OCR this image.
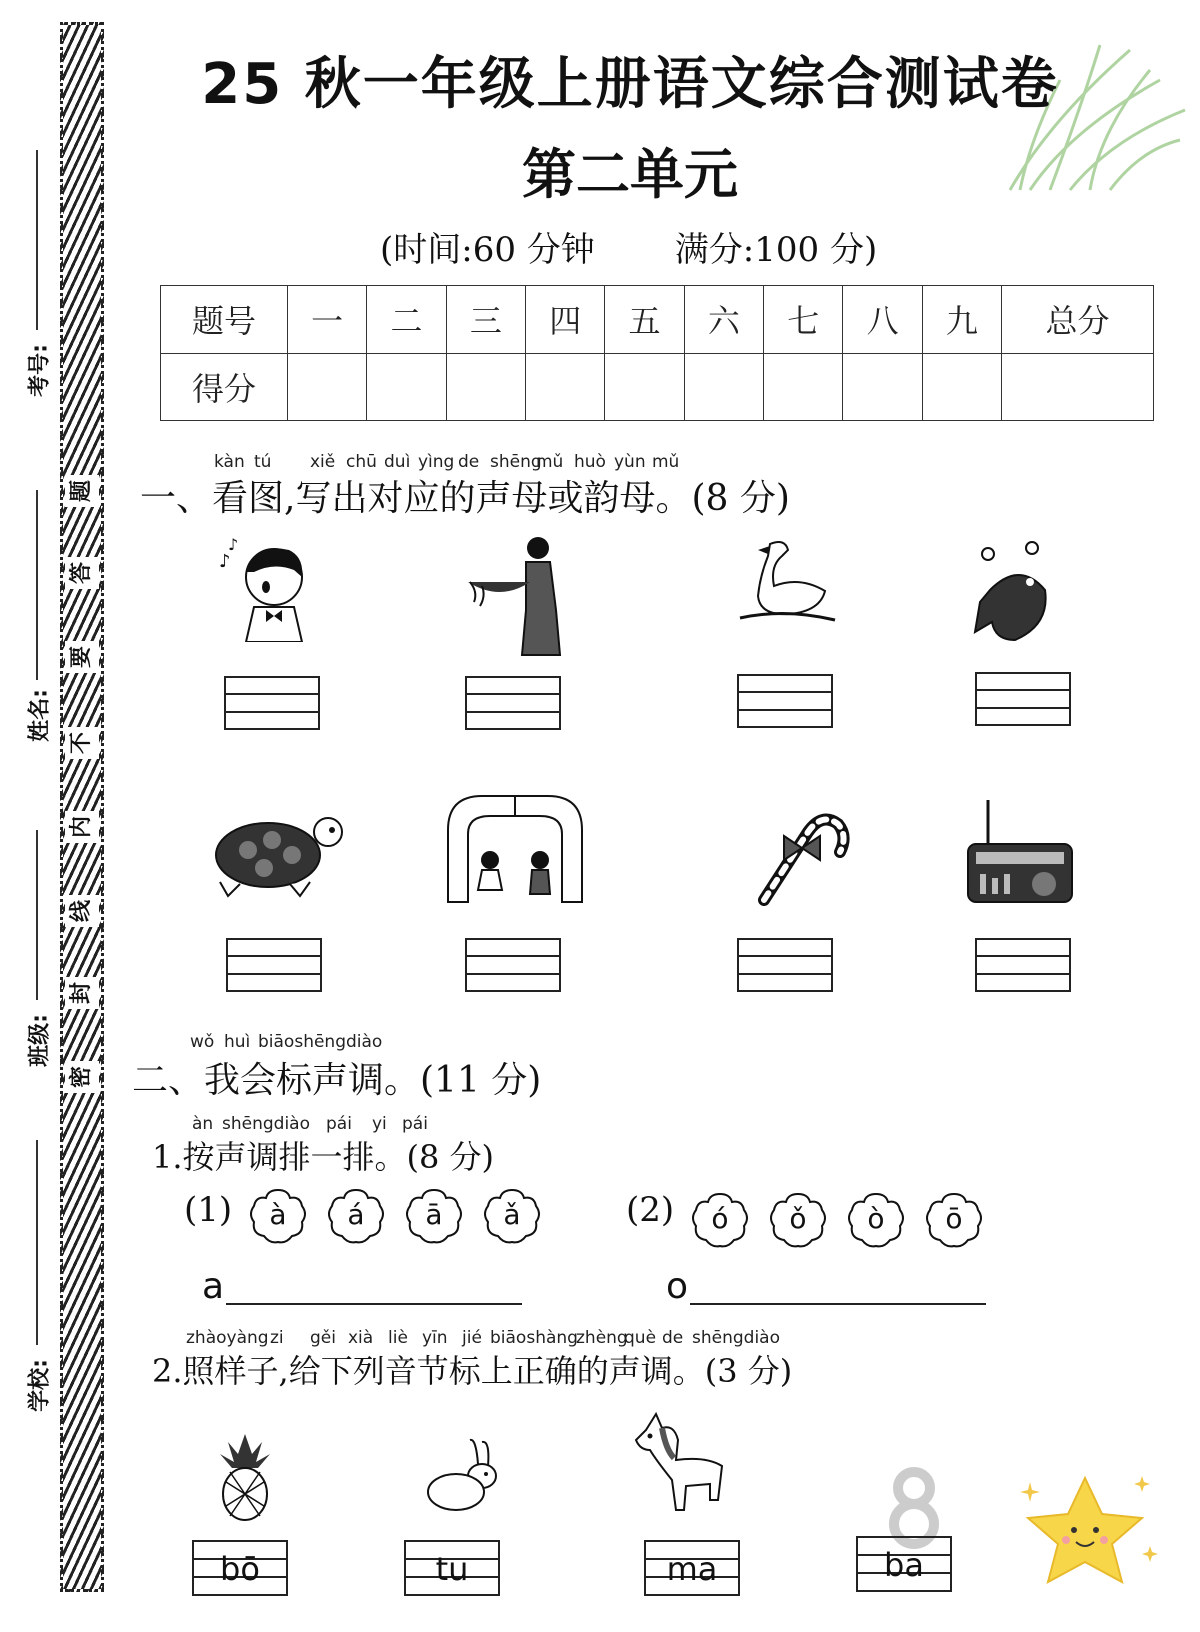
题
答
要
不
内
线
封
密
考号:
姓名:
班级:
学校:
25 秋一年级上册语文综合测试卷
第二单元
(时间:60 分钟 满分:100 分)
题号	一	二	三	四	五	六	七	八	九	总分
得分										
kàn tú xiě chū duì yìng de shēngmǔ huò yùn mǔ
一、看图,写出对应的声母或韵母。(8 分)
♪
♪
wǒ huì biāoshēngdiào
二、我会标声调。(11 分)
àn shēngdiào pái yi pái
1.按声调排一排。(8 分)
(1)	à	á	ā	ǎ	(2)	ó	ǒ	ò	ō
a	o
zhàoyàngzi gěi xià liè yīn jié biāoshàngzhèngquè de shēngdiào
2.照样子,给下列音节标上正确的声调。(3 分)
bō	tu	ma	ba
